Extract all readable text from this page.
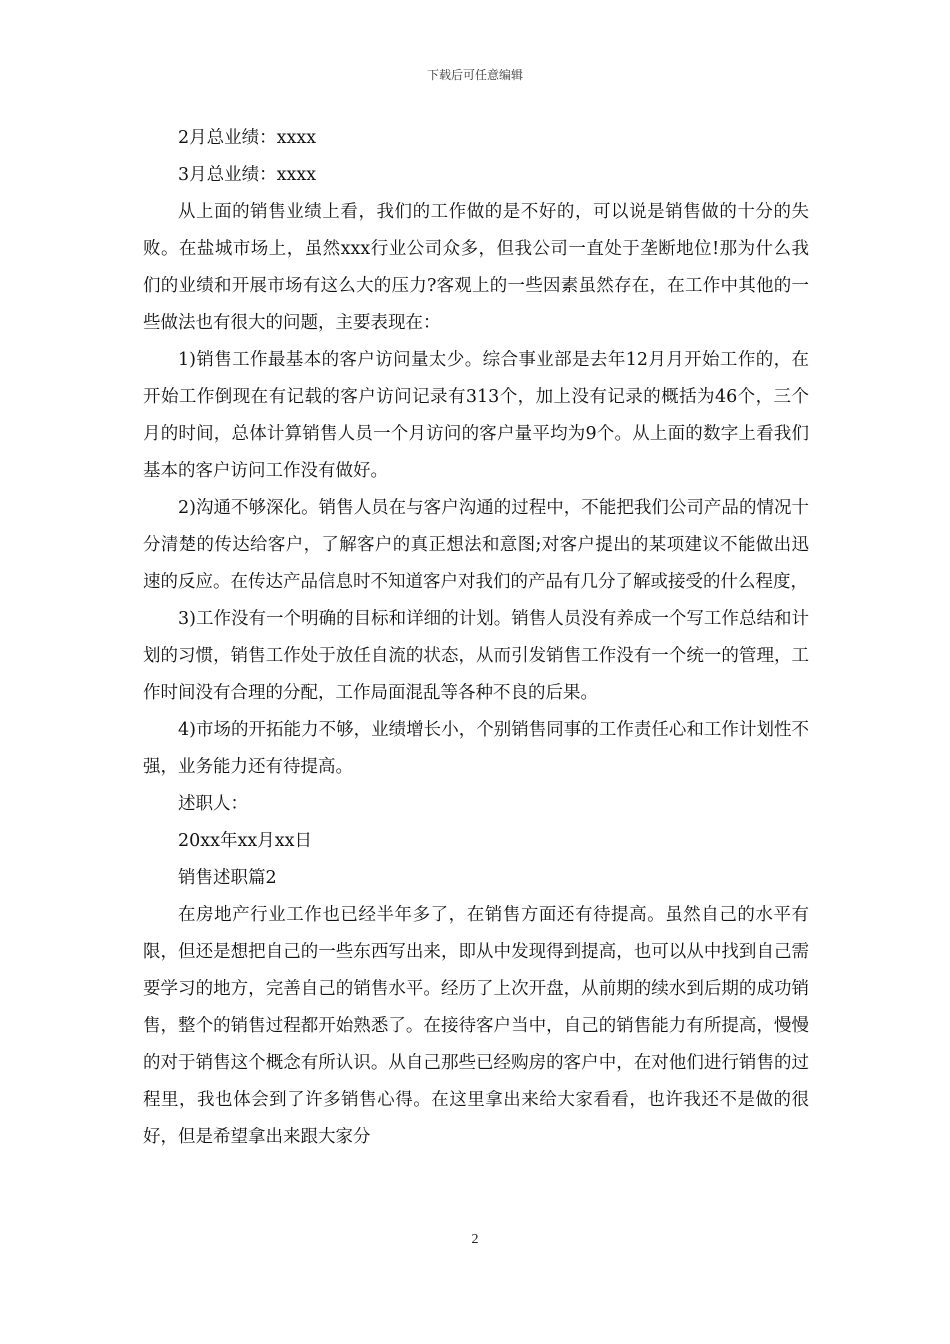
下载后可任意编辑

2月总业绩：xxxx

3月总业绩：xxxx

从上面的销售业绩上看，我们的工作做的是不好的，可以说是销售做的十分的失败。在盐城市场上，虽然xxx行业公司众多，但我公司一直处于垄断地位!那为什么我们的业绩和开展市场有这么大的压力?客观上的一些因素虽然存在，在工作中其他的一些做法也有很大的问题，主要表现在：

1)销售工作最基本的客户访问量太少。综合事业部是去年12月月开始工作的，在开始工作倒现在有记载的客户访问记录有313个，加上没有记录的概括为46个，三个月的时间，总体计算销售人员一个月访问的客户量平均为9个。从上面的数字上看我们基本的客户访问工作没有做好。

2)沟通不够深化。销售人员在与客户沟通的过程中，不能把我们公司产品的情况十分清楚的传达给客户，了解客户的真正想法和意图;对客户提出的某项建议不能做出迅速的反应。在传达产品信息时不知道客户对我们的产品有几分了解或接受的什么程度，

3)工作没有一个明确的目标和详细的计划。销售人员没有养成一个写工作总结和计划的习惯，销售工作处于放任自流的状态，从而引发销售工作没有一个统一的管理，工作时间没有合理的分配，工作局面混乱等各种不良的后果。

4)市场的开拓能力不够，业绩增长小，个别销售同事的工作责任心和工作计划性不强，业务能力还有待提高。

述职人：

20xx年xx月xx日

销售述职篇2

在房地产行业工作也已经半年多了，在销售方面还有待提高。虽然自己的水平有限，但还是想把自己的一些东西写出来，即从中发现得到提高，也可以从中找到自己需要学习的地方，完善自己的销售水平。经历了上次开盘，从前期的续水到后期的成功销售，整个的销售过程都开始熟悉了。在接待客户当中，自己的销售能力有所提高，慢慢的对于销售这个概念有所认识。从自己那些已经购房的客户中，在对他们进行销售的过程里，我也体会到了许多销售心得。在这里拿出来给大家看看，也许我还不是做的很好，但是希望拿出来跟大家分

2
